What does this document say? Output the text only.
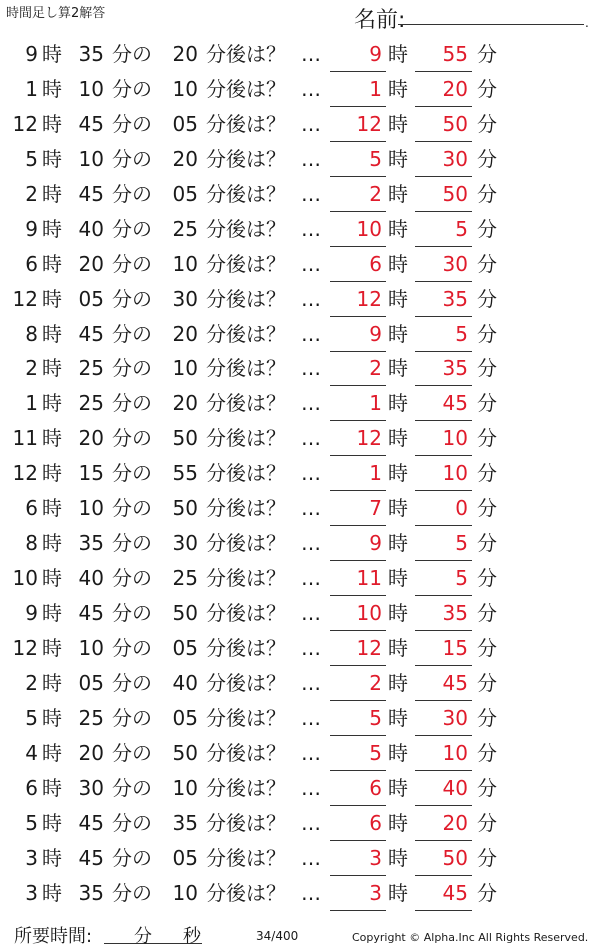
時間足し算2解答	名前:	.
9 時 35 分の	20 分後は？ …	9 時	55 分
1 時 10 分の	10 分後は？ …	1 時	20 分
12 時 45 分の	05 分後は？ …	12 時	50 分
5 時 10 分の	20 分後は？ …	5 時	30 分
2 時 45 分の	05 分後は？ …	2 時	50 分
9 時 40 分の	25 分後は？ …	10 時	5 分
6 時 20 分の	10 分後は？ …	6 時	30 分
12 時 05 分の	30 分後は？ …	12 時	35 分
8 時 45 分の	20 分後は？ …	9 時	5 分
2 時 25 分の	10 分後は？ …	2 時	35 分
1 時 25 分の	20 分後は？ …	1 時	45 分
11 時 20 分の	50 分後は？ …	12 時	10 分
12 時 15 分の	55 分後は？ …	1 時	10 分
6 時 10 分の	50 分後は？ …	7 時	0 分
8 時 35 分の	30 分後は？ …	9 時	5 分
10 時 40 分の	25 分後は？ …	11 時	5 分
9 時 45 分の	50 分後は？ …	10 時	35 分
12 時 10 分の	05 分後は？ …	12 時	15 分
2 時 05 分の	40 分後は？ …	2 時	45 分
5 時 25 分の	05 分後は？ …	5 時	30 分
4 時 20 分の	50 分後は？ …	5 時	10 分
6 時 30 分の	10 分後は？ …	6 時	40 分
5 時 45 分の	35 分後は？ …	6 時	20 分
3 時 45 分の	05 分後は？ …	3 時	50 分
3 時 35 分の	10 分後は？ …	3 時	45 分
所要時間: 分 秒	34/400	Copyright © Alpha.Inc All Rights Reserved.
